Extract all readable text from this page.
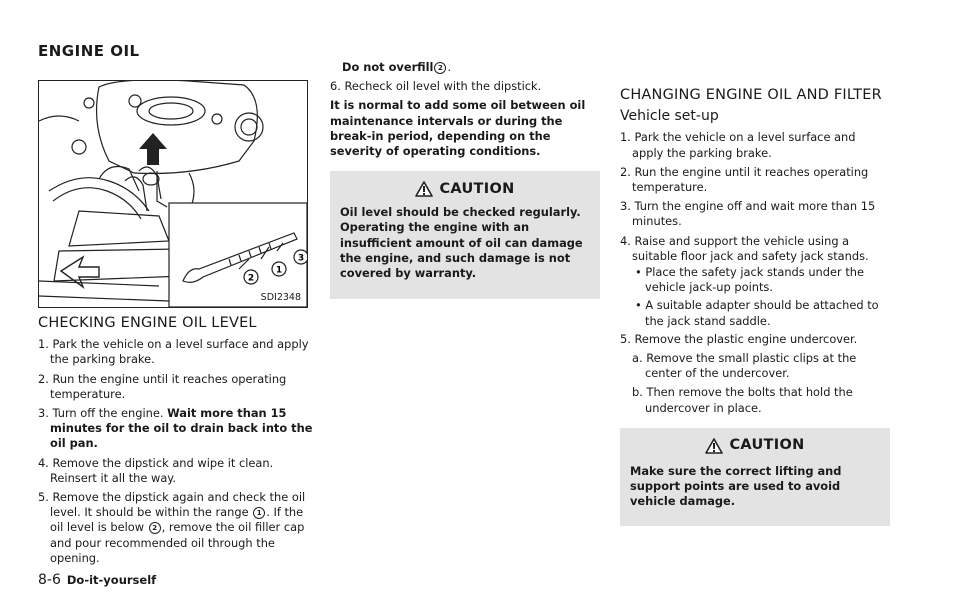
ENGINE OIL
2
1
3
SDI2348
CHECKING ENGINE OIL LEVEL
1. Park the vehicle on a level surface and apply the parking brake.
2. Run the engine until it reaches operating temperature.
3. Turn off the engine. Wait more than 15 minutes for the oil to drain back into the oil pan.
4. Remove the dipstick and wipe it clean. Reinsert it all the way.
5. Remove the dipstick again and check the oil level. It should be within the range 1 . If the oil level is below 2 , remove the oil filler cap and pour recommended oil through the opening.
Do not overfill 2 .
6. Recheck oil level with the dipstick.
It is normal to add some oil between oil maintenance intervals or during the break-in period, depending on the severity of operating conditions.
CAUTION
Oil level should be checked regularly. Operating the engine with an insufficient amount of oil can damage the engine, and such damage is not covered by warranty.
CHANGING ENGINE OIL AND FILTER
Vehicle set-up
1. Park the vehicle on a level surface and apply the parking brake.
2. Run the engine until it reaches operating temperature.
3. Turn the engine off and wait more than 15 minutes.
4. Raise and support the vehicle using a suitable floor jack and safety jack stands.
• Place the safety jack stands under the vehicle jack-up points.
• A suitable adapter should be attached to the jack stand saddle.
5. Remove the plastic engine undercover.
a. Remove the small plastic clips at the center of the undercover.
b. Then remove the bolts that hold the undercover in place.
CAUTION
Make sure the correct lifting and support points are used to avoid vehicle damage.
8-6 Do-it-yourself
